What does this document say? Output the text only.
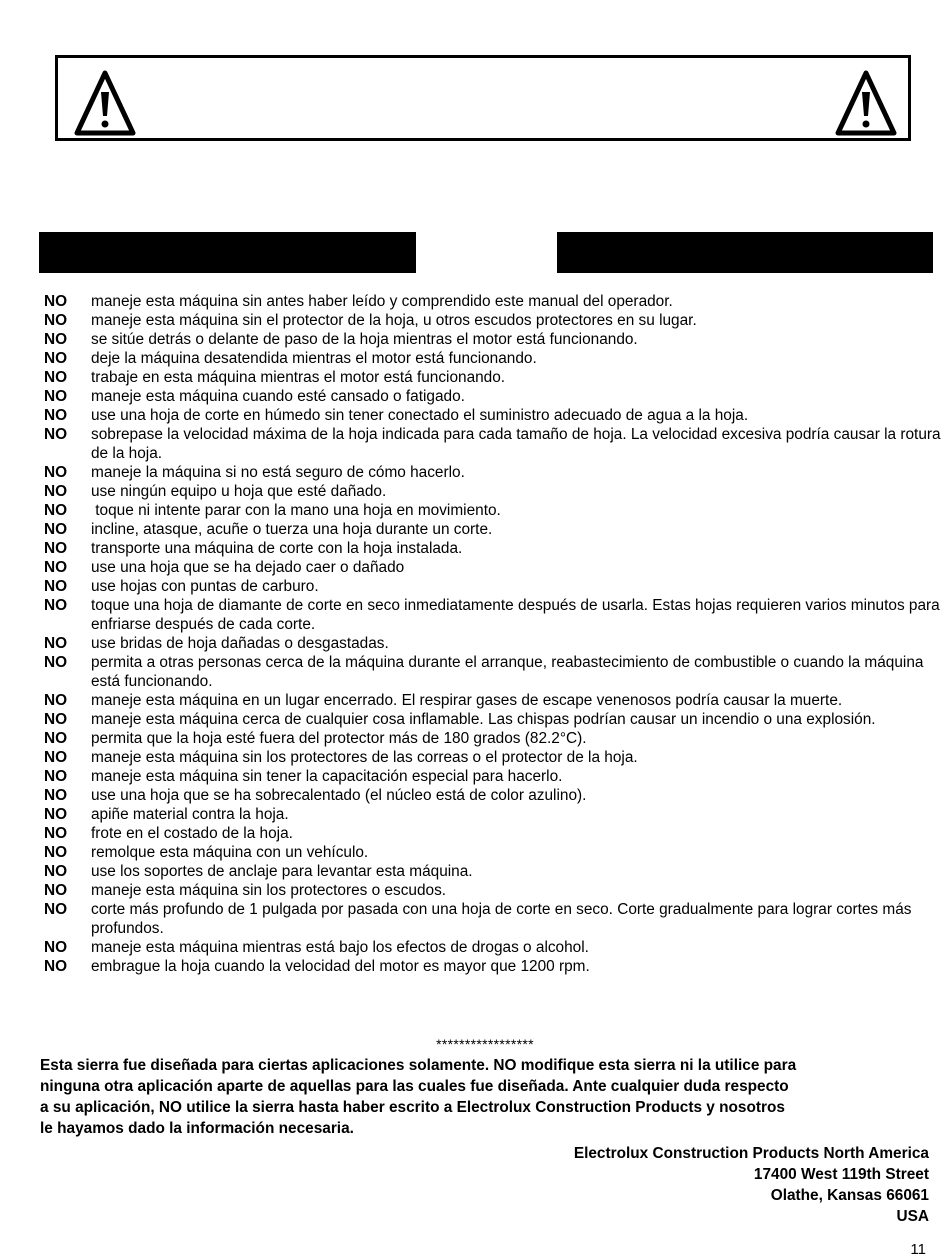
NO	maneje esta máquina sin antes haber leído y comprendido este manual del operador.
NO	maneje esta máquina sin el protector de la hoja, u otros escudos protectores en su lugar.
NO	se sitúe detrás o delante de paso de la hoja mientras el motor está funcionando.
NO	deje la máquina desatendida mientras el motor está funcionando.
NO	trabaje en esta máquina mientras el motor está funcionando.
NO	maneje esta máquina cuando esté cansado o fatigado.
NO	use una hoja de corte en húmedo sin tener conectado el suministro adecuado de agua a la hoja.
NO	sobrepase la velocidad máxima de la hoja indicada para cada tamaño de hoja. La velocidad excesiva podría causar la rotura de la hoja.
NO	maneje la máquina si no está seguro de cómo hacerlo.
NO	use ningún equipo u hoja que esté dañado.
NO	toque ni intente parar con la mano una hoja en movimiento.
NO	incline, atasque, acuñe o tuerza una hoja durante un corte.
NO	transporte una máquina de corte con la hoja instalada.
NO	use una hoja que se ha dejado caer o dañado
NO	use hojas con puntas de carburo.
NO	toque una hoja de diamante de corte en seco inmediatamente después de usarla. Estas hojas requieren varios minutos para enfriarse después de cada corte.
NO	use bridas de hoja dañadas o desgastadas.
NO	permita a otras personas cerca de la máquina durante el arranque, reabastecimiento de combustible o cuando la máquina está funcionando.
NO	maneje esta máquina en un lugar encerrado. El respirar gases de escape venenosos podría causar la muerte.
NO	maneje esta máquina cerca de cualquier cosa inflamable. Las chispas podrían causar un incendio o una explosión.
NO	permita que la hoja esté fuera del protector más de 180 grados (82.2°C).
NO	maneje esta máquina sin los protectores de las correas o el protector de la hoja.
NO	maneje esta máquina sin tener la capacitación especial para hacerlo.
NO	use una hoja que se ha sobrecalentado (el núcleo está de color azulino).
NO	apiñe material contra la hoja.
NO	frote en el costado de la hoja.
NO	remolque esta máquina con un vehículo.
NO	use los soportes de anclaje para levantar esta máquina.
NO	maneje esta máquina sin los protectores o escudos.
NO	corte más profundo de 1 pulgada por pasada con una hoja de corte en seco. Corte gradualmente para lograr cortes más profundos.
NO	maneje esta máquina mientras está bajo los efectos de drogas o alcohol.
NO	embrague la hoja cuando la velocidad del motor es mayor que 1200 rpm.
*****************

Esta sierra fue diseñada para ciertas aplicaciones solamente. NO modifique esta sierra ni la utilice para
ninguna otra aplicación aparte de aquellas para las cuales fue diseñada. Ante cualquier duda respecto
a su aplicación, NO utilice la sierra hasta haber escrito a Electrolux Construction Products y nosotros
le hayamos dado la información necesaria.

Electrolux Construction Products North America
17400 West 119th Street
Olathe, Kansas 66061
USA
11
